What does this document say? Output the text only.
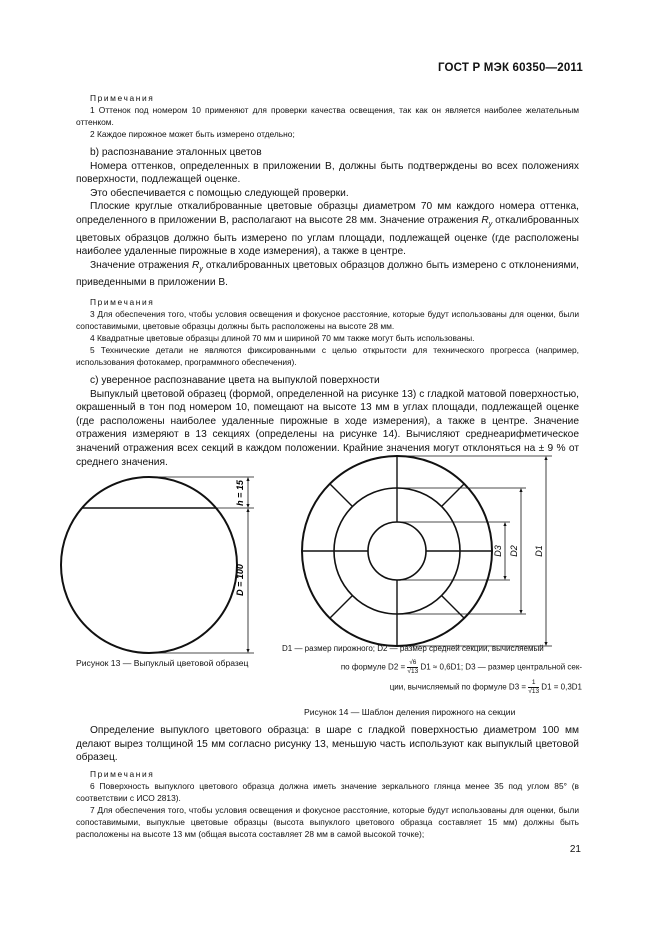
ГОСТ Р МЭК 60350—2011

Примечания

1 Оттенок под номером 10 применяют для проверки качества освещения, так как он является наиболее желательным оттенком.

2 Каждое пирожное может быть измерено отдельно;

b) распознавание эталонных цветов

Номера оттенков, определенных в приложении В, должны быть подтверждены во всех положениях поверхности, подлежащей оценке.

Это обеспечивается с помощью следующей проверки.

Плоские круглые откалиброванные цветовые образцы диаметром 70 мм каждого номера оттенка, определенного в приложении В, располагают на высоте 28 мм. Значение отражения $R_y$ откалиброванных цветовых образцов должно быть измерено по углам площади, подлежащей оценке (где расположены наиболее удаленные пирожные в ходе измерения), а также в центре.

Значение отражения $R_y$ откалиброванных цветовых образцов должно быть измерено с отклонениями, приведенными в приложении В.

Примечания

3 Для обеспечения того, чтобы условия освещения и фокусное расстояние, которые будут использованы для оценки, были сопоставимыми, цветовые образцы должны быть расположены на высоте 28 мм.

4 Квадратные цветовые образцы длиной 70 мм и шириной 70 мм также могут быть использованы.

5 Технические детали не являются фиксированными с целью открытости для технического прогресса (например, использования фотокамер, программного обеспечения).

c) уверенное распознавание цвета на выпуклой поверхности

Выпуклый цветовой образец (формой, определенной на рисунке 13) с гладкой матовой поверхностью, окрашенный в тон под номером 10, помещают на высоте 13 мм в углах площади, подлежащей оценке (где расположены наиболее удаленные пирожные в ходе измерения), а также в центре. Значение отражения измеряют в 13 секциях (определены на рисунке 14). Вычисляют среднеарифметическое значений отражения всех секций в каждом положении. Крайние значения могут отклоняться на ± 9 % от среднего значения.

h = 15
D = 100
Рисунок 13 — Выпуклый цветовой образец
D1
D2
D3
D1 — размер пирожного; D2 — размер средней секции, вычисляемый
по формуле $D2 = \frac{√6}{√13} D1 \approx 0,6D1$; D3 — размер центральной сек-
ции, вычисляемый по формуле $D3 = \frac{1}{√13} D1 = 0,3D1$
Рисунок 14 — Шаблон деления пирожного на секции

Определение выпуклого цветового образца: в шаре с гладкой поверхностью диаметром 100 мм делают вырез толщиной 15 мм согласно рисунку 13, меньшую часть используют как выпуклый цветовой образец.

Примечания

6 Поверхность выпуклого цветового образца должна иметь значение зеркального глянца менее 35 под углом 85° (в соответствии с ИСО 2813).

7 Для обеспечения того, чтобы условия освещения и фокусное расстояние, которые будут использованы для оценки, были сопоставимыми, выпуклые цветовые образцы (высота выпуклого цветового образца составляет 15 мм) должны быть расположены на высоте 13 мм (общая высота составляет 28 мм в самой высокой точке);

21
